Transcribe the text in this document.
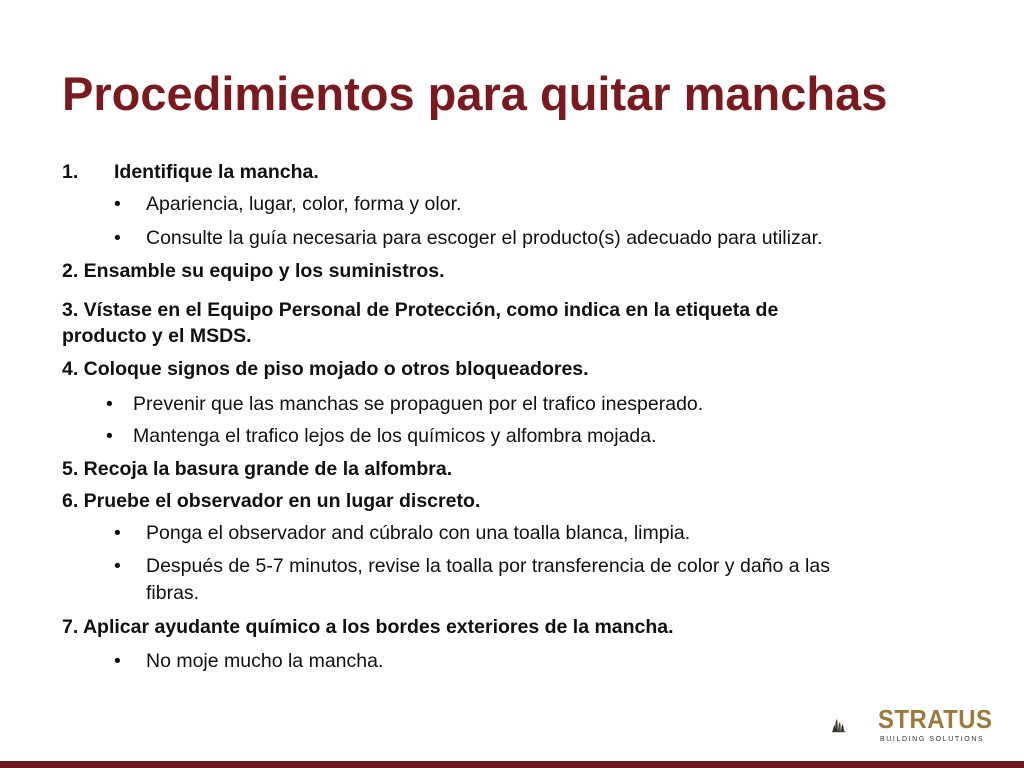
Procedimientos para quitar manchas
1. Identifique la mancha.
• Apariencia, lugar, color, forma y olor.
• Consulte la guía necesaria para escoger el producto(s) adecuado para utilizar.
2. Ensamble su equipo y los suministros.
3. Vístase en el Equipo Personal de Protección, como indica en la etiqueta de
producto y el MSDS.
4. Coloque signos de piso mojado o otros bloqueadores.
• Prevenir que las manchas se propaguen por el trafico inesperado.
• Mantenga el trafico lejos de los químicos y alfombra mojada.
5. Recoja la basura grande de la alfombra.
6. Pruebe el observador en un lugar discreto.
• Ponga el observador and cúbralo con una toalla blanca, limpia.
• Después de 5-7 minutos, revise la toalla por transferencia de color y daño a las
fibras.
7. Aplicar ayudante químico a los bordes exteriores de la mancha.
• No moje mucho la mancha.
STRATUS
BUILDING SOLUTIONS
